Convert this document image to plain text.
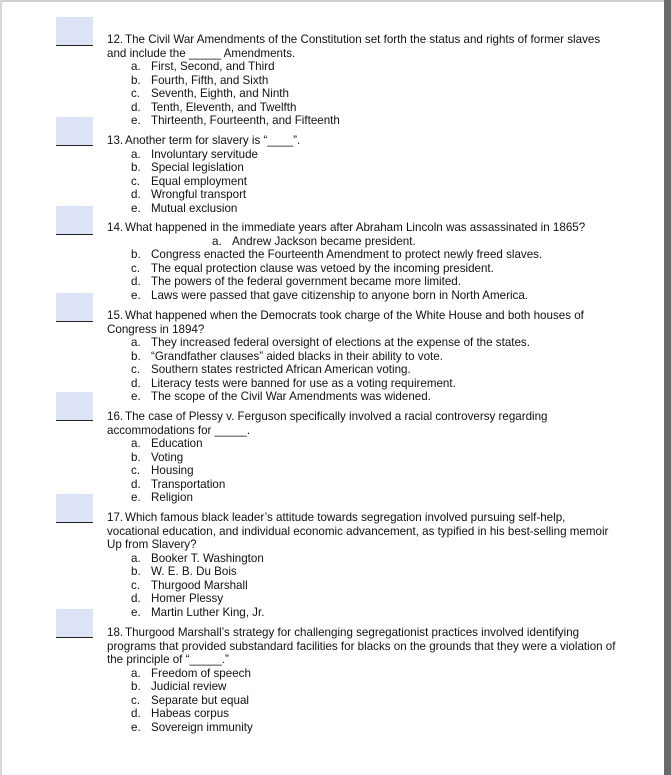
12. The Civil War Amendments of the Constitution set forth the status and rights of former slaves and include the _____ Amendments.
a. First, Second, and Third
b. Fourth, Fifth, and Sixth
c. Seventh, Eighth, and Ninth
d. Tenth, Eleventh, and Twelfth
e. Thirteenth, Fourteenth, and Fifteenth
13. Another term for slavery is “____”.
a. Involuntary servitude
b. Special legislation
c. Equal employment
d. Wrongful transport
e. Mutual exclusion
14. What happened in the immediate years after Abraham Lincoln was assassinated in 1865?
a. Andrew Jackson became president.
b. Congress enacted the Fourteenth Amendment to protect newly freed slaves.
c. The equal protection clause was vetoed by the incoming president.
d. The powers of the federal government became more limited.
e. Laws were passed that gave citizenship to anyone born in North America.
15. What happened when the Democrats took charge of the White House and both houses of Congress in 1894?
a. They increased federal oversight of elections at the expense of the states.
b. “Grandfather clauses” aided blacks in their ability to vote.
c. Southern states restricted African American voting.
d. Literacy tests were banned for use as a voting requirement.
e. The scope of the Civil War Amendments was widened.
16. The case of Plessy v. Ferguson specifically involved a racial controversy regarding accommodations for _____.
a. Education
b. Voting
c. Housing
d. Transportation
e. Religion
17. Which famous black leader’s attitude towards segregation involved pursuing self-help, vocational education, and individual economic advancement, as typified in his best-selling memoir Up from Slavery?
a. Booker T. Washington
b. W. E. B. Du Bois
c. Thurgood Marshall
d. Homer Plessy
e. Martin Luther King, Jr.
18. Thurgood Marshall’s strategy for challenging segregationist practices involved identifying programs that provided substandard facilities for blacks on the grounds that they were a violation of the principle of “_____.”
a. Freedom of speech
b. Judicial review
c. Separate but equal
d. Habeas corpus
e. Sovereign immunity
